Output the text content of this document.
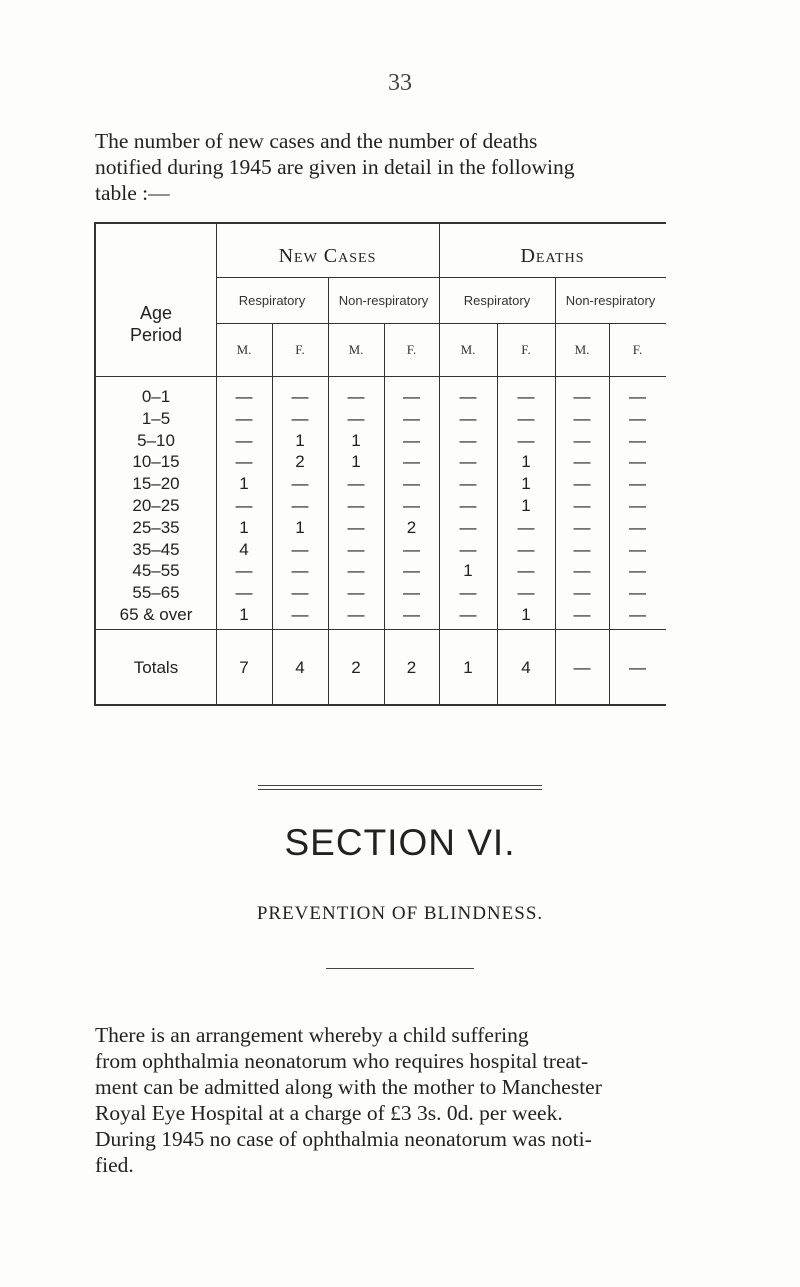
33

The number of new cases and the number of deaths
notified during 1945 are given in detail in the following
table :—

Age
Period
New Cases	Deaths
Respiratory	Non-respiratory	Respiratory	Non-respiratory
M.	F.	M.	F.	M.	F.	M.	F.
0–1	—	—	—	—	—	—	—	—
1–5	—	—	—	—	—	—	—	—
5–10	—	1	1	—	—	—	—	—
10–15	—	2	1	—	—	1	—	—
15–20	1	—	—	—	—	1	—	—
20–25	—	—	—	—	—	1	—	—
25–35	1	1	—	2	—	—	—	—
35–45	4	—	—	—	—	—	—	—
45–55	—	—	—	—	1	—	—	—
55–65	—	—	—	—	—	—	—	—
65 & over	1	—	—	—	—	1	—	—
Totals	7	4	2	2	1	4	—	—
SECTION VI.
PREVENTION OF BLINDNESS.

There is an arrangement whereby a child suffering
from ophthalmia neonatorum who requires hospital treat-
ment can be admitted along with the mother to Manchester
Royal Eye Hospital at a charge of £3 3s. 0d. per week.
During 1945 no case of ophthalmia neonatorum was noti-
fied.
